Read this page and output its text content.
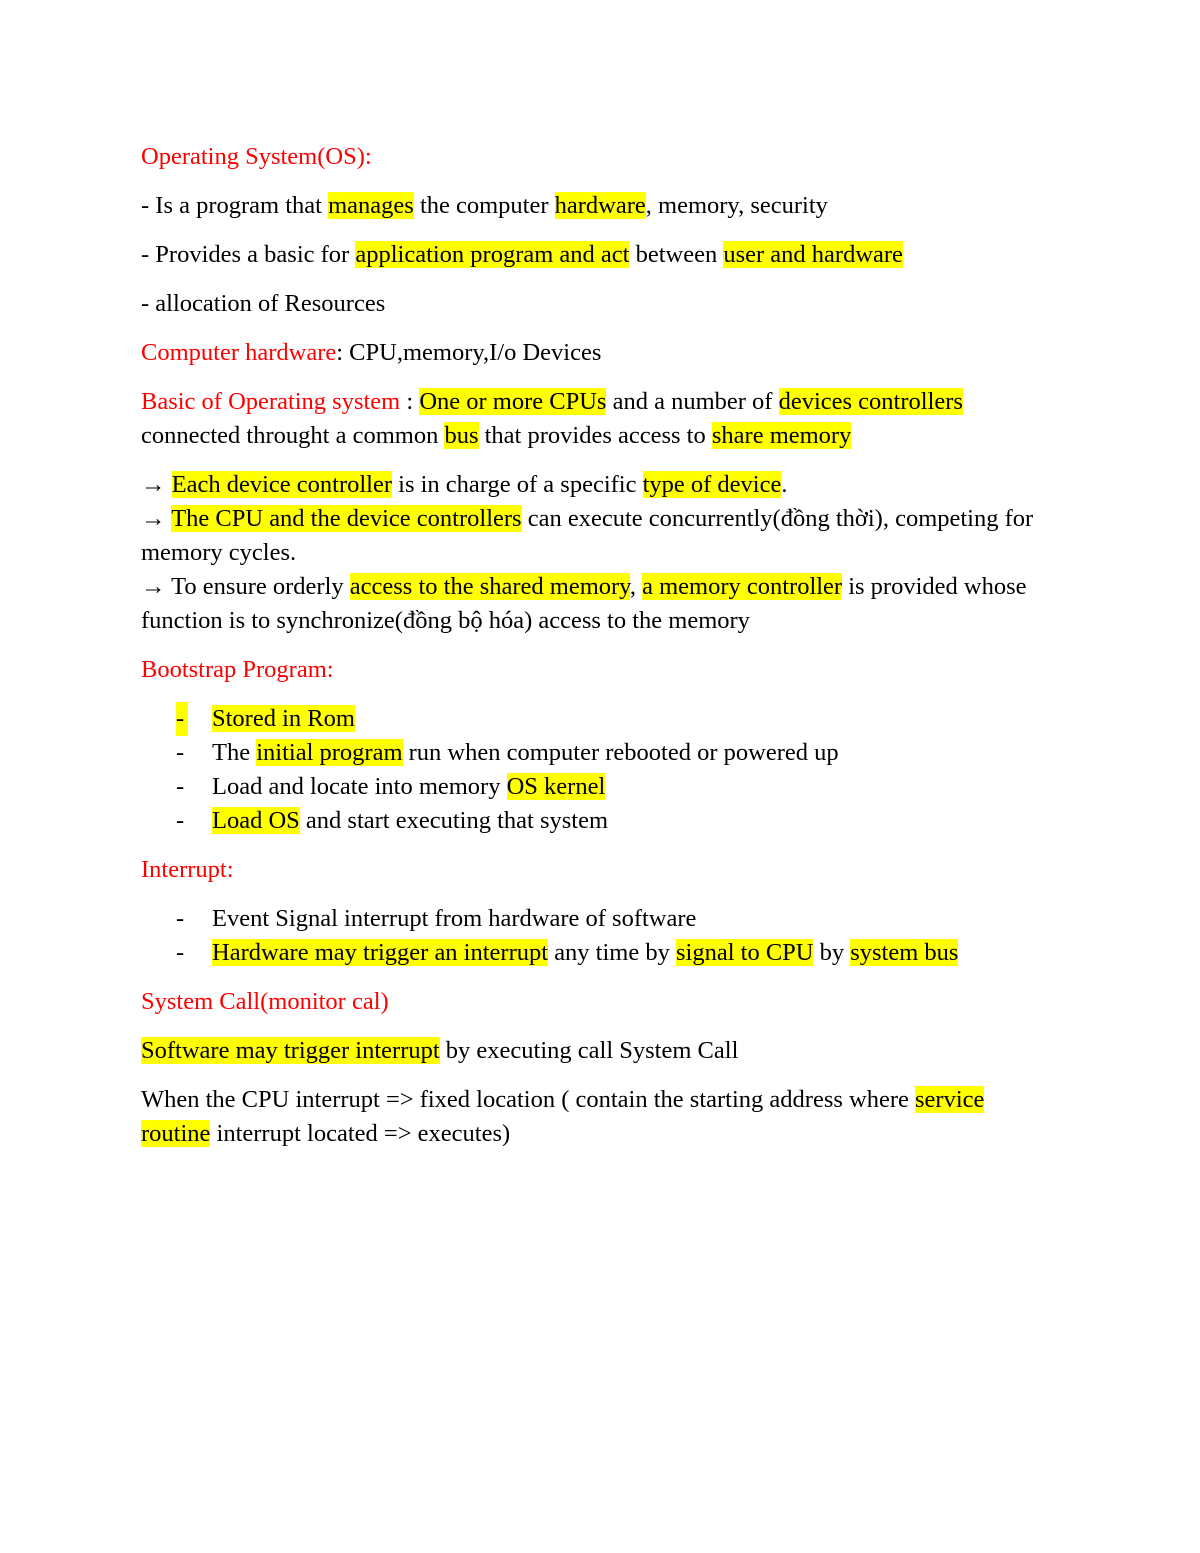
Operating System(OS):

- Is a program that manages the computer hardware, memory, security

- Provides a basic for application program and act between user and hardware

- allocation of Resources

Computer hardware: CPU,memory,I/o Devices

Basic of Operating system : One or more CPUs and a number of devices controllers connected throught a common bus that provides access to share memory

→ Each device controller is in charge of a specific type of device.

→ The CPU and the device controllers can execute concurrently(đồng thời), competing for memory cycles.

→ To ensure orderly access to the shared memory, a memory controller is provided whose function is to synchronize(đồng bộ hóa) access to the memory

Bootstrap Program:

- Stored in Rom
- The initial program run when computer rebooted or powered up
- Load and locate into memory OS kernel
- Load OS and start executing that system

Interrupt:

- Event Signal interrupt from hardware of software
- Hardware may trigger an interrupt any time by signal to CPU by system bus

System Call(monitor cal)

Software may trigger interrupt by executing call System Call

When the CPU interrupt => fixed location ( contain the starting address where service routine interrupt located => executes)
